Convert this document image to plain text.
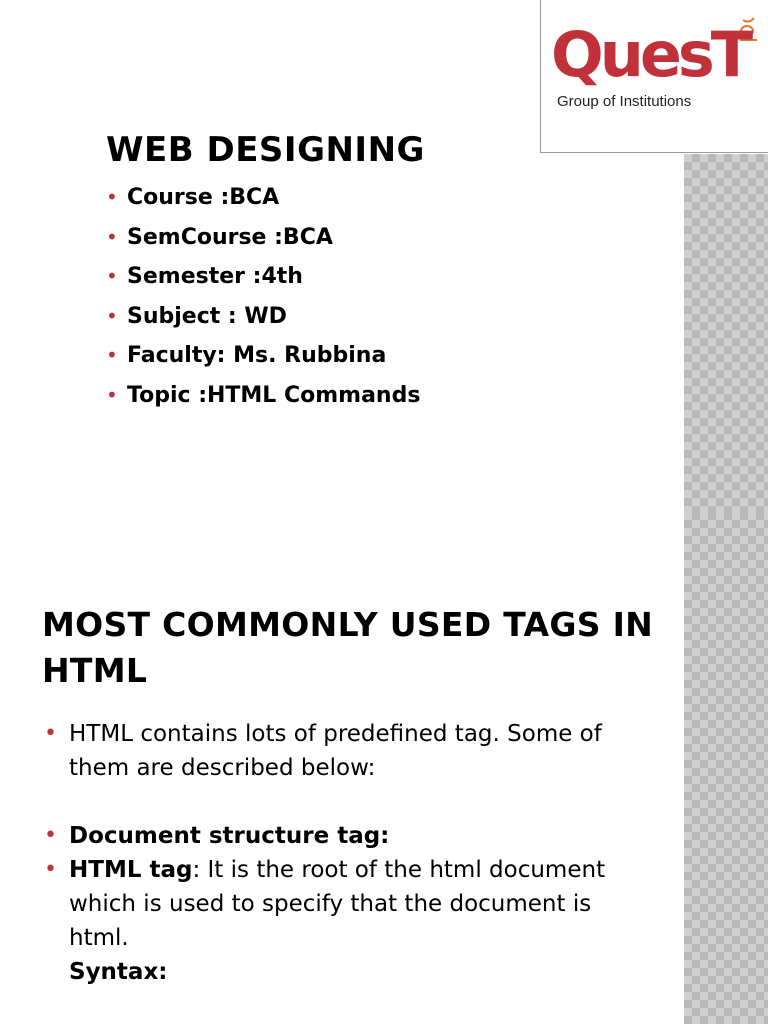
QuesT
Group of Institutions
WEB DESIGNING
• Course :BCA
• SemCourse :BCA
• Semester :4th
• Subject : WD
• Faculty: Ms. Rubbina
• Topic :HTML Commands
MOST COMMONLY USED TAGS IN HTML
• HTML contains lots of predefined tag. Some of them are described below:
• Document structure tag:
• HTML tag: It is the root of the html document which is used to specify that the document is html.
Syntax:
